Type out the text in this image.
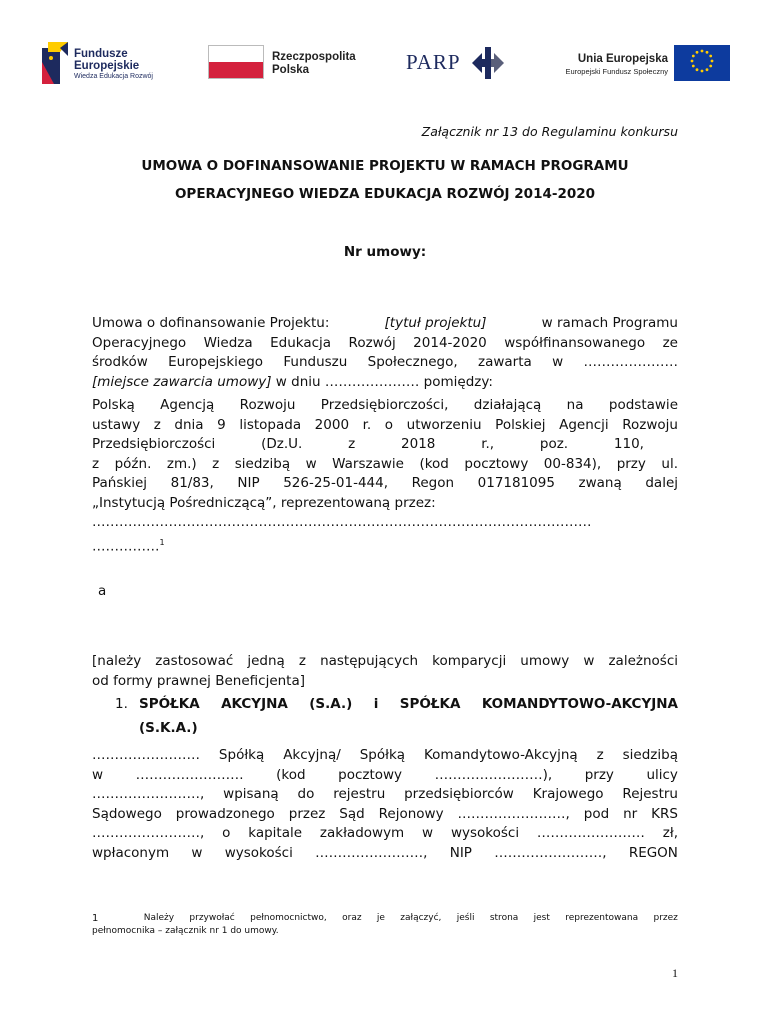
Fundusze
Europejskie
Wiedza Edukacja Rozwój
Rzeczpospolita
Polska	PARP	Unia Europejska
Europejski Fundusz Społeczny
Załącznik nr 13 do Regulaminu konkursu
UMOWA O DOFINANSOWANIE PROJEKTU W RAMACH PROGRAMU
OPERACYJNEGO WIEDZA EDUKACJA ROZWÓJ 2014-2020
Nr umowy:
Umowa o dofinansowanie Projektu:	[tytuł projektu]	w ramach Programu
Operacyjnego Wiedza Edukacja Rozwój 2014-2020 współfinansowanego ze
środków Europejskiego Funduszu Społecznego, zawarta w …………………
[miejsce zawarcia umowy] w dniu ………………… pomiędzy:
Polską Agencją Rozwoju Przedsiębiorczości, działającą na podstawie
ustawy z dnia 9 listopada 2000 r. o utworzeniu Polskiej Agencji Rozwoju
Przedsiębiorczości	(Dz.U.	z	2018	r.,	poz.	110,
z późn. zm.) z siedzibą w Warszawie (kod pocztowy 00-834), przy ul.
Pańskiej 81/83, NIP 526-25-01-444, Regon 017181095 zwaną dalej
„Instytucją Pośredniczącą”, reprezentowaną przez:
…………………………………………………………………………………………………
……………$^1$
a
[należy zastosować jedną z następujących komparycji umowy w zależności
od formy prawnej Beneficjenta]
1. SPÓŁKA AKCYJNA (S.A.) i SPÓŁKA KOMANDYTOWO-AKCYJNA
(S.K.A.)
…………………… Spółką Akcyjną/ Spółką Komandytowo-Akcyjną z siedzibą
w …………………… (kod pocztowy ……………………), przy ulicy
……………………, wpisaną do rejestru przedsiębiorców Krajowego Rejestru
Sądowego prowadzonego przez Sąd Rejonowy ……………………, pod nr KRS
……………………, o kapitale zakładowym w wysokości …………………… zł,
wpłaconym w wysokości ……………………, NIP ……………………, REGON
1	Należy przywołać pełnomocnictwo, oraz je załączyć, jeśli strona jest reprezentowana przez
pełnomocnika – załącznik nr 1 do umowy.
1
